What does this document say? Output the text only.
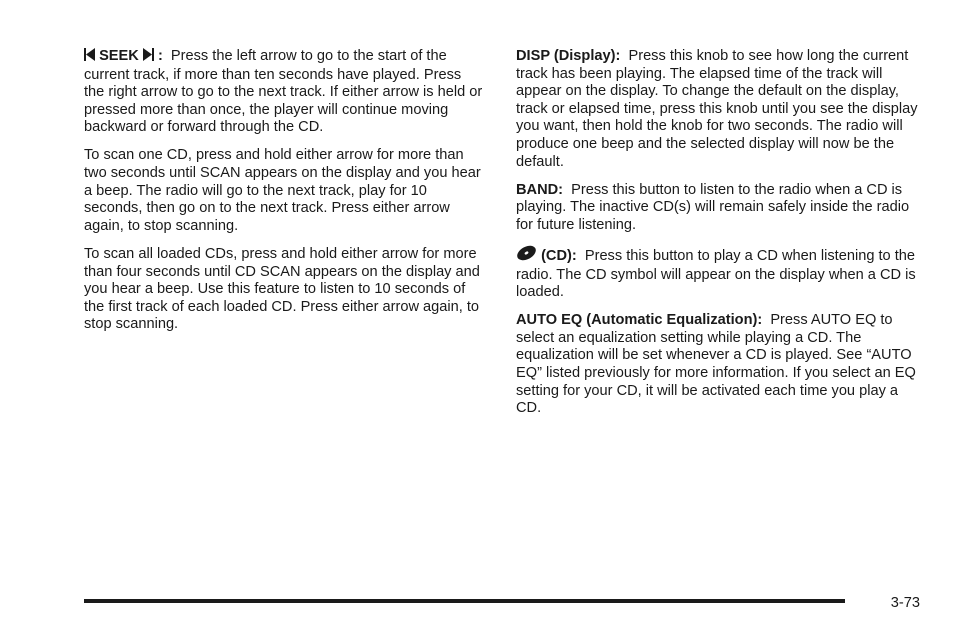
SEEK : Press the left arrow to go to the start of the current track, if more than ten seconds have played. Press the right arrow to go to the next track. If either arrow is held or pressed more than once, the player will continue moving backward or forward through the CD.

To scan one CD, press and hold either arrow for more than two seconds until SCAN appears on the display and you hear a beep. The radio will go to the next track, play for 10 seconds, then go on to the next track. Press either arrow again, to stop scanning.

To scan all loaded CDs, press and hold either arrow for more than four seconds until CD SCAN appears on the display and you hear a beep. Use this feature to listen to 10 seconds of the first track of each loaded CD. Press either arrow again, to stop scanning.

DISP (Display): Press this knob to see how long the current track has been playing. The elapsed time of the track will appear on the display. To change the default on the display, track or elapsed time, press this knob until you see the display you want, then hold the knob for two seconds. The radio will produce one beep and the selected display will now be the default.

BAND: Press this button to listen to the radio when a CD is playing. The inactive CD(s) will remain safely inside the radio for future listening.

(CD): Press this button to play a CD when listening to the radio. The CD symbol will appear on the display when a CD is loaded.

AUTO EQ (Automatic Equalization): Press AUTO EQ to select an equalization setting while playing a CD. The equalization will be set whenever a CD is played. See “AUTO EQ” listed previously for more information. If you select an EQ setting for your CD, it will be activated each time you play a CD.

3-73
